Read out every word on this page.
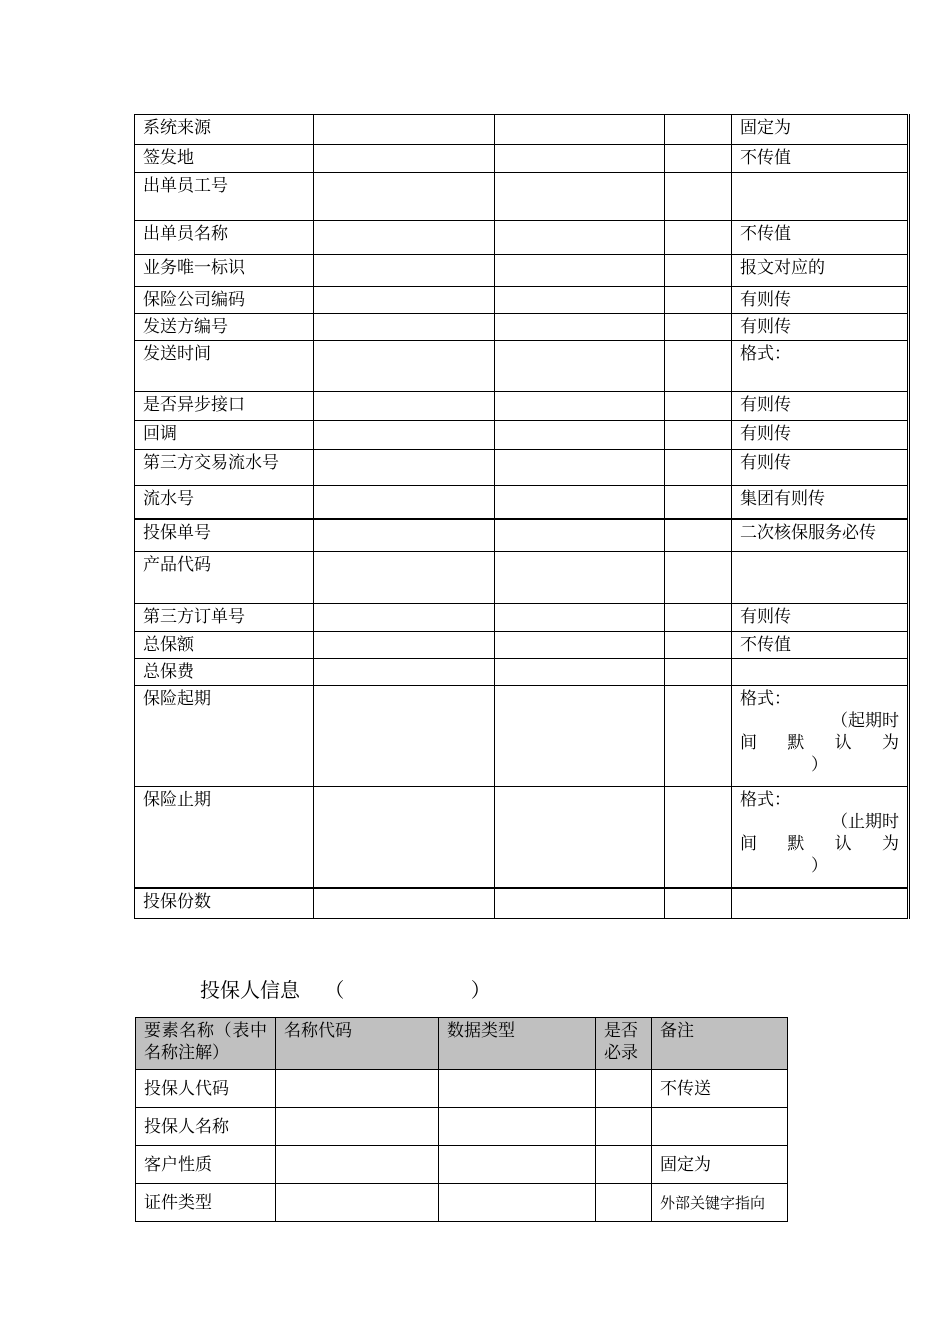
系统来源				固定为
签发地				不传值
出单员工号				
出单员名称				不传值
业务唯一标识				报文对应的
保险公司编码				有则传
发送方编号				有则传
发送时间				格式：
是否异步接口				有则传
回调				有则传
第三方交易流水号				有则传
流水号				集团有则传
投保单号				二次核保服务必传
产品代码				
第三方订单号				有则传
总保额				不传值
总保费				
保险起期				格式：
（起期时
间 默 认 为
）

保险止期				格式：
（止期时
间 默 认 为
）

投保份数				
投保人信息 （	）
要素名称（表中名称注解）	名称代码	数据类型	是否必录	备注
投保人代码				不传送
投保人名称				
客户性质				固定为
证件类型				外部关键字指向
